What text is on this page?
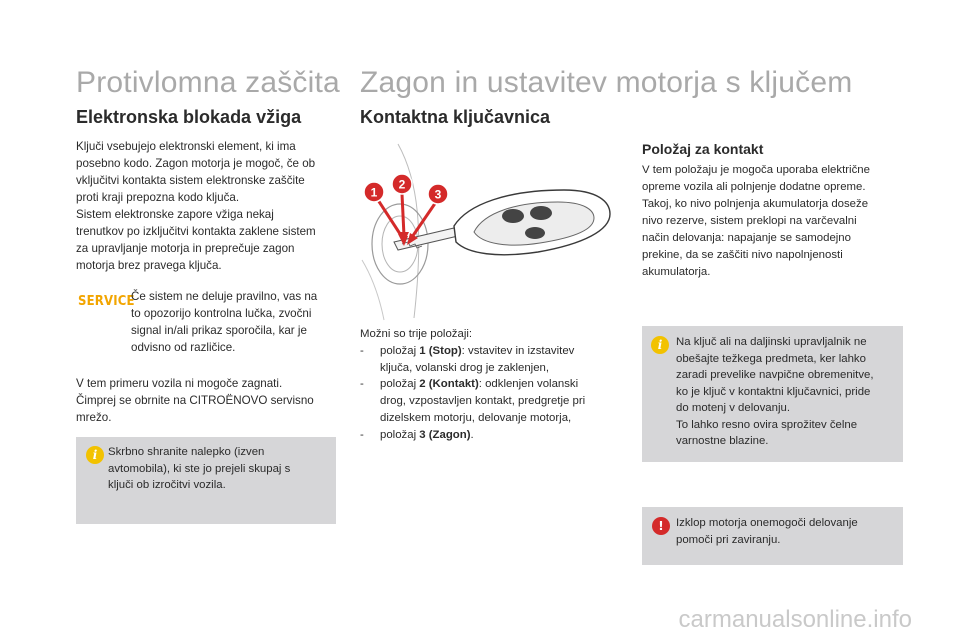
Protivlomna zaščita
Elektronska blokada vžiga

Ključi vsebujejo elektronski element, ki ima

posebno kodo. Zagon motorja je mogoč, če ob

vključitvi kontakta sistem elektronske zaščite

proti kraji prepozna kodo ključa.

Sistem elektronske zapore vžiga nekaj

trenutkov po izključitvi kontakta zaklene sistem

za upravljanje motorja in preprečuje zagon

motorja brez pravega ključa.

SERVICE

Če sistem ne deluje pravilno, vas na

to opozorijo kontrolna lučka, zvočni

signal in/ali prikaz sporočila, kar je

odvisno od različice.

V tem primeru vozila ni mogoče zagnati.

Čimprej se obrnite na CITROËNOVO servisno

mrežo.

i Skrbno shranite nalepko (izven
avtomobila), ki ste jo prejeli skupaj s
ključi ob izročitvi vozila.
Zagon in ustavitev motorja s ključem
Kontaktna ključavnica
1
2
3

Možni so trije položaji:

- položaj 1 (Stop): vstavitev in izstavitev
ključa, volanski drog je zaklenjen,
- položaj 2 (Kontakt): odklenjen volanski
drog, vzpostavljen kontakt, predgretje pri
dizelskem motorju, delovanje motorja,
- položaj 3 (Zagon).
Položaj za kontakt

V tem položaju je mogoča uporaba električne

opreme vozila ali polnjenje dodatne opreme.

Takoj, ko nivo polnjenja akumulatorja doseže

nivo rezerve, sistem preklopi na varčevalni

način delovanja: napajanje se samodejno

prekine, da se zaščiti nivo napolnjenosti

akumulatorja.

i	Na ključ ali na daljinski upravljalnik ne
obešajte težkega predmeta, ker lahko
zaradi prevelike navpične obremenitve,
ko je ključ v kontaktni ključavnici, pride
do motenj v delovanju.
To lahko resno ovira sprožitev čelne
varnostne blazine.
!	Izklop motorja onemogoči delovanje
pomoči pri zaviranju.
carmanualsonline.info
